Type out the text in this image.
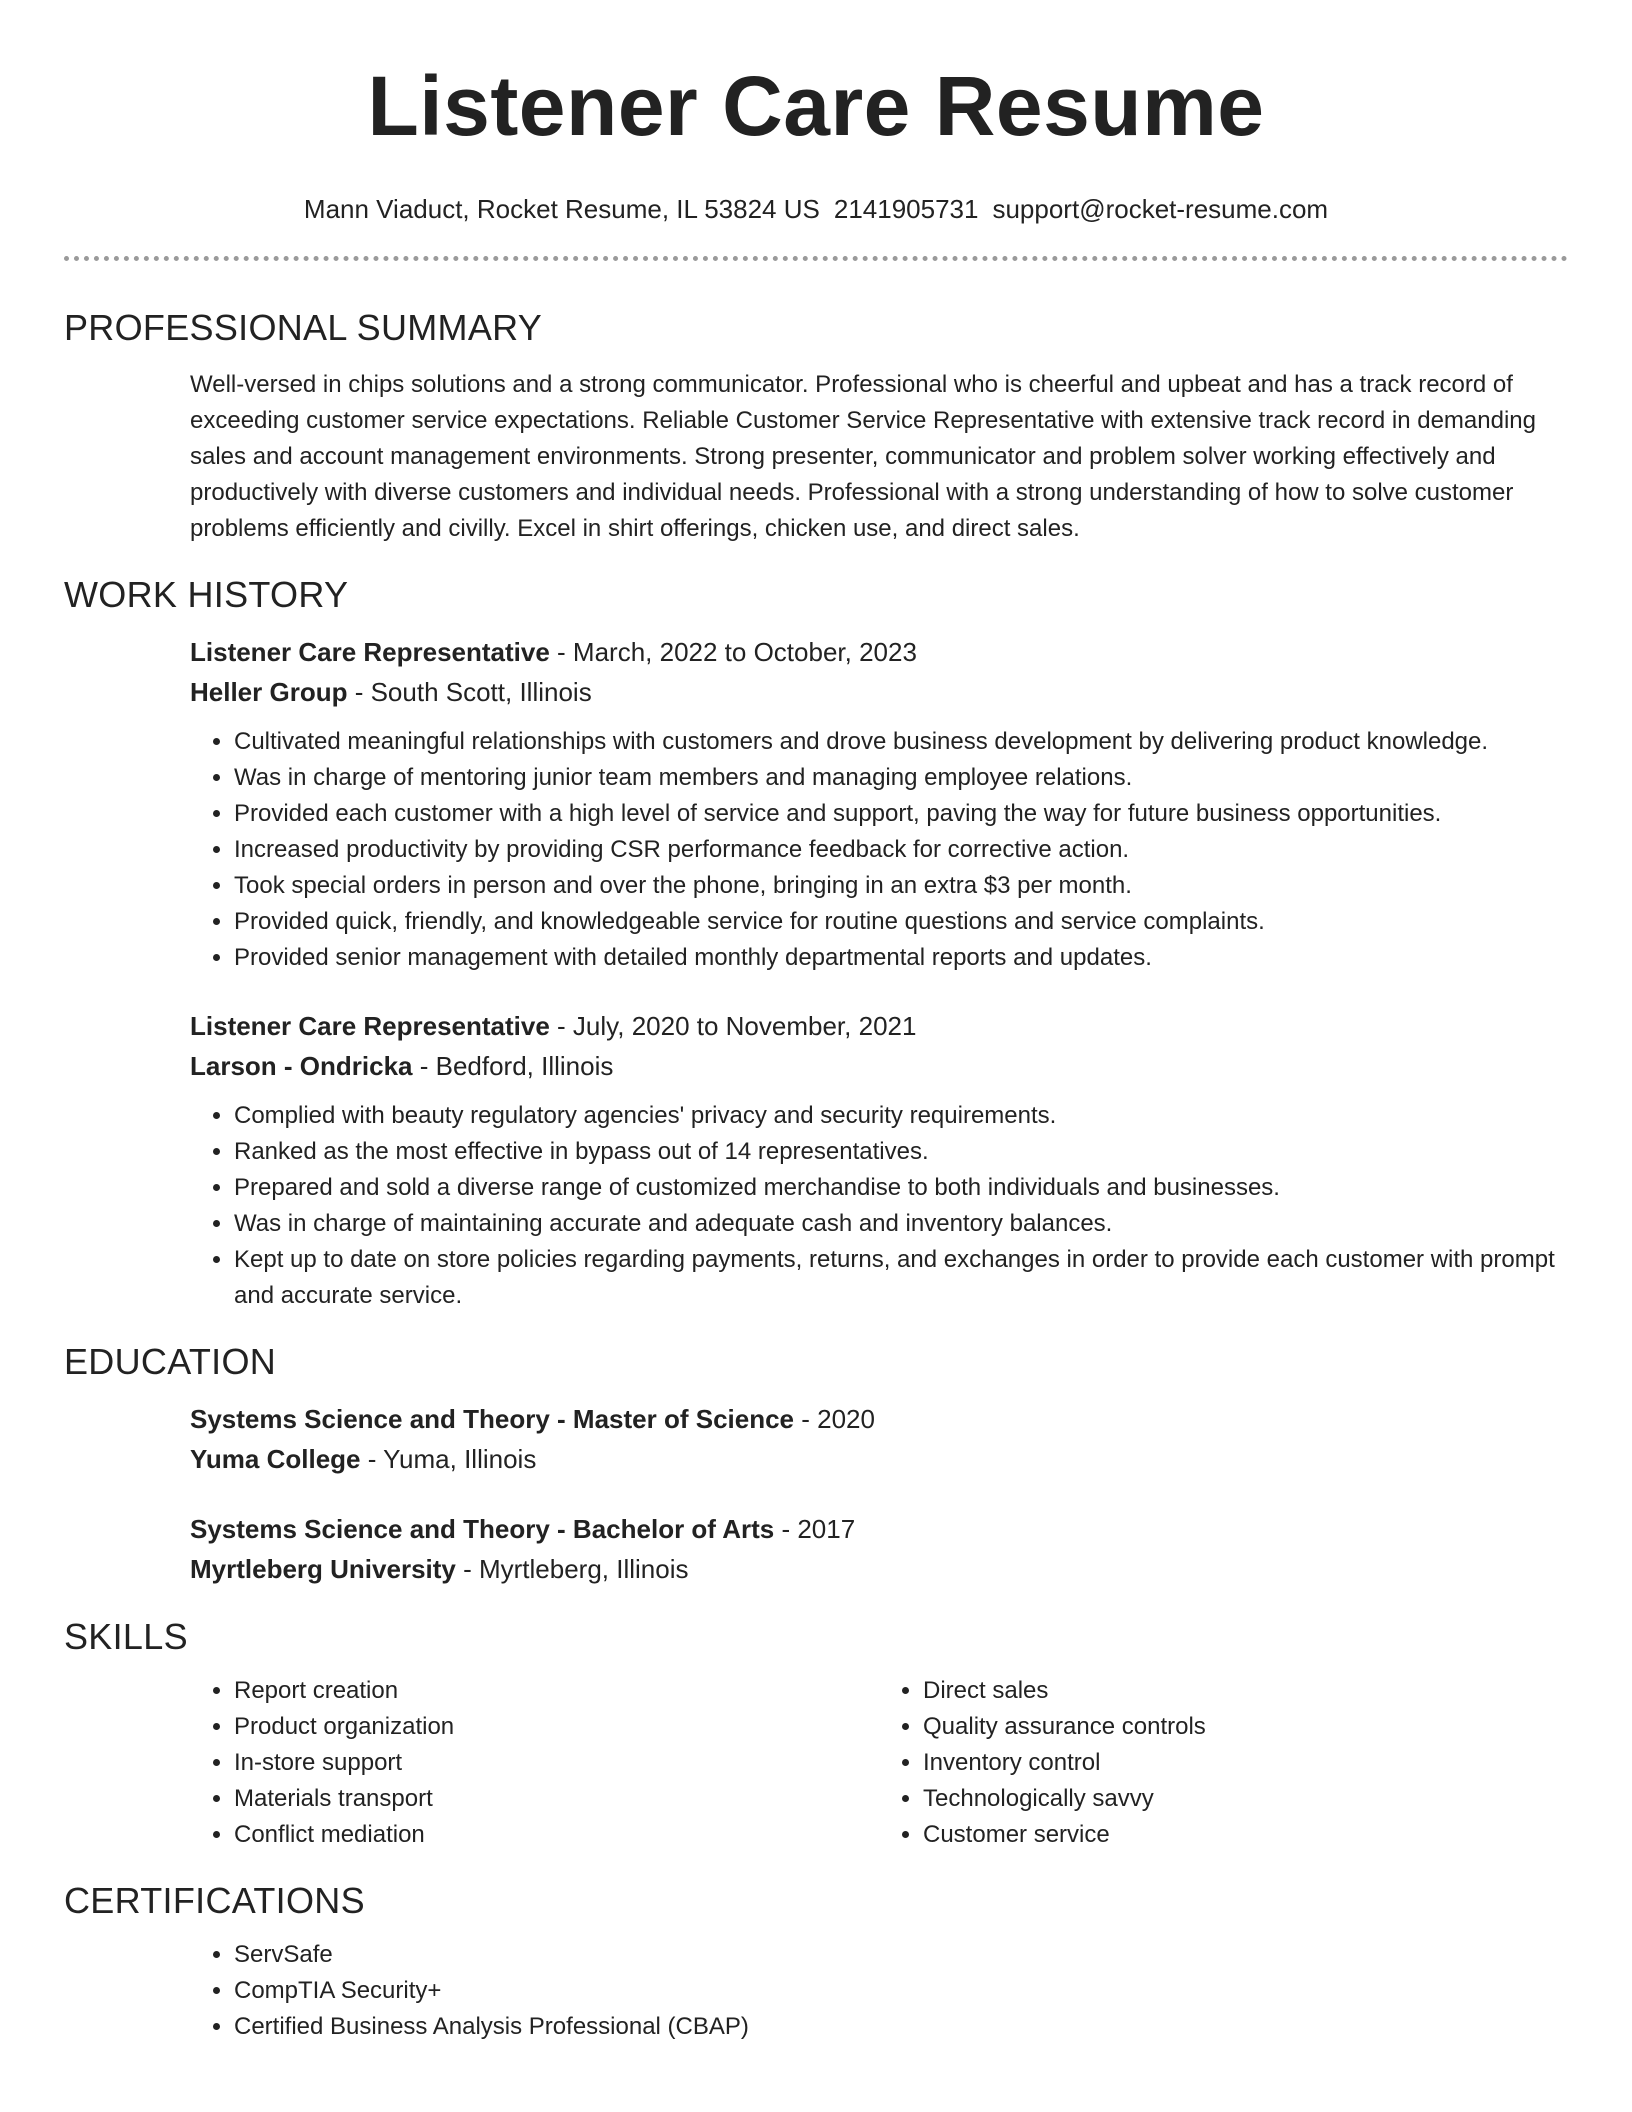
Listener Care Resume
Mann Viaduct, Rocket Resume, IL 53824 US 2141905731 support@rocket-resume.com
PROFESSIONAL SUMMARY

Well-versed in chips solutions and a strong communicator. Professional who is cheerful and upbeat and has a track record of exceeding customer service expectations. Reliable Customer Service Representative with extensive track record in demanding sales and account management environments. Strong presenter, communicator and problem solver working effectively and productively with diverse customers and individual needs. Professional with a strong understanding of how to solve customer problems efficiently and civilly. Excel in shirt offerings, chicken use, and direct sales.

WORK HISTORY
Listener Care Representative - March, 2022 to October, 2023
Heller Group - South Scott, Illinois
• Cultivated meaningful relationships with customers and drove business development by delivering product knowledge.
• Was in charge of mentoring junior team members and managing employee relations.
• Provided each customer with a high level of service and support, paving the way for future business opportunities.
• Increased productivity by providing CSR performance feedback for corrective action.
• Took special orders in person and over the phone, bringing in an extra $3 per month.
• Provided quick, friendly, and knowledgeable service for routine questions and service complaints.
• Provided senior management with detailed monthly departmental reports and updates.
Listener Care Representative - July, 2020 to November, 2021
Larson - Ondricka - Bedford, Illinois
• Complied with beauty regulatory agencies' privacy and security requirements.
• Ranked as the most effective in bypass out of 14 representatives.
• Prepared and sold a diverse range of customized merchandise to both individuals and businesses.
• Was in charge of maintaining accurate and adequate cash and inventory balances.
• Kept up to date on store policies regarding payments, returns, and exchanges in order to provide each customer with prompt and accurate service.
EDUCATION
Systems Science and Theory - Master of Science - 2020
Yuma College - Yuma, Illinois
Systems Science and Theory - Bachelor of Arts - 2017
Myrtleberg University - Myrtleberg, Illinois
SKILLS
• Report creation
• Product organization
• In-store support
• Materials transport
• Conflict mediation
• Direct sales
• Quality assurance controls
• Inventory control
• Technologically savvy
• Customer service
CERTIFICATIONS
• ServSafe
• CompTIA Security+
• Certified Business Analysis Professional (CBAP)
